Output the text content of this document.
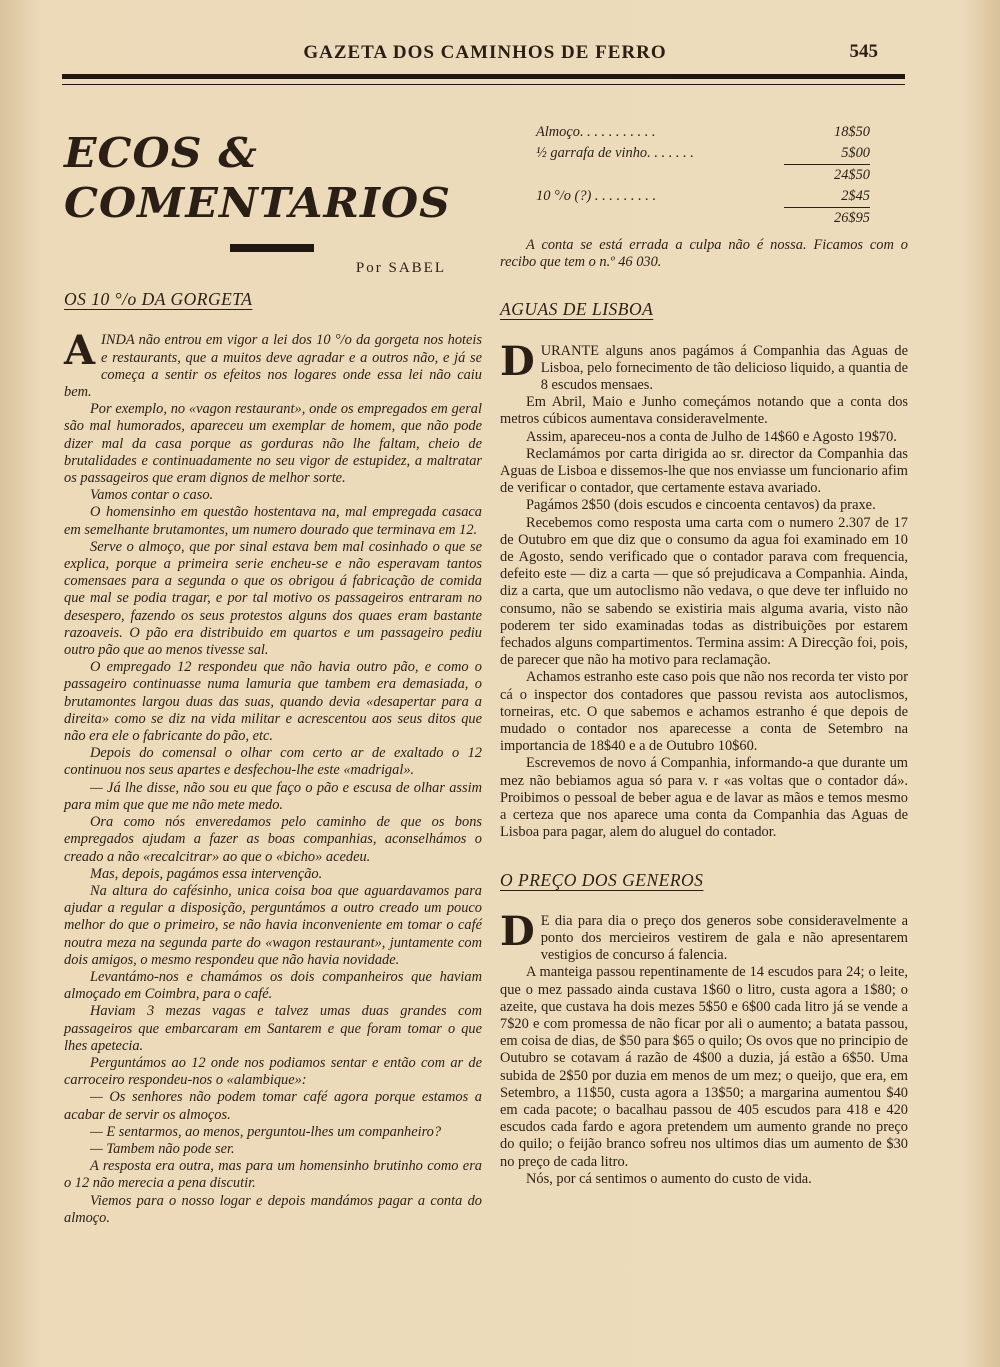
GAZETA DOS CAMINHOS DE FERRO	545
ECOS & COMENTARIOS
Por SABEL
OS 10 °/o DA GORGETA

AINDA não entrou em vigor a lei dos 10 °/o da gorgeta nos hoteis e restaurants, que a muitos deve agradar e a outros não, e já se começa a sentir os efeitos nos logares onde essa lei não caiu bem.

Por exemplo, no «vagon restaurant», onde os empregados em geral são mal humorados, apareceu um exemplar de homem, que não pode dizer mal da casa porque as gorduras não lhe faltam, cheio de brutalidades e continuadamente no seu vigor de estupidez, a maltratar os passageiros que eram dignos de melhor sorte.

Vamos contar o caso.

O homensinho em questão hostentava na, mal empregada casaca em semelhante brutamontes, um numero dourado que terminava em 12.

Serve o almoço, que por sinal estava bem mal cosinhado o que se explica, porque a primeira serie encheu-se e não esperavam tantos comensaes para a segunda o que os obrigou á fabricação de comida que mal se podia tragar, e por tal motivo os passageiros entraram no desespero, fazendo os seus protestos alguns dos quaes eram bastante razoaveis. O pão era distribuido em quartos e um passageiro pediu outro pão que ao menos tivesse sal.

O empregado 12 respondeu que não havia outro pão, e como o passageiro continuasse numa lamuria que tambem era demasiada, o brutamontes largou duas das suas, quando devia «desapertar para a direita» como se diz na vida militar e acrescentou aos seus ditos que não era ele o fabricante do pão, etc.

Depois do comensal o olhar com certo ar de exaltado o 12 continuou nos seus apartes e desfechou-lhe este «madrigal».

— Já lhe disse, não sou eu que faço o pão e escusa de olhar assim para mim que que me não mete medo.

Ora como nós enveredamos pelo caminho de que os bons empregados ajudam a fazer as boas companhias, aconselhámos o creado a não «recalcitrar» ao que o «bicho» acedeu.

Mas, depois, pagámos essa intervenção.

Na altura do cafésinho, unica coisa boa que aguardavamos para ajudar a regular a disposição, perguntámos a outro creado um pouco melhor do que o primeiro, se não havia inconveniente em tomar o café noutra meza na segunda parte do «wagon restaurant», juntamente com dois amigos, o mesmo respondeu que não havia novidade.

Levantámo-nos e chamámos os dois companheiros que haviam almoçado em Coimbra, para o café.

Haviam 3 mezas vagas e talvez umas duas grandes com passageiros que embarcaram em Santarem e que foram tomar o que lhes apetecia.

Perguntámos ao 12 onde nos podiamos sentar e então com ar de carroceiro respondeu-nos o «alambique»:

— Os senhores não podem tomar café agora porque estamos a acabar de servir os almoços.

— E sentarmos, ao menos, perguntou-lhes um companheiro?

— Tambem não pode ser.

A resposta era outra, mas para um homensinho brutinho como era o 12 não merecia a pena discutir.

Viemos para o nosso logar e depois mandámos pagar a conta do almoço.

Almoço. . . . . . . . . . .	18$50
½ garrafa de vinho. . . . . . .	5$00
24$50
10 °/o (?) . . . . . . . . .	2$45
26$95

A conta se está errada a culpa não é nossa. Ficamos com o recibo que tem o n.º 46 030.

AGUAS DE LISBOA

DURANTE alguns anos pagámos á Companhia das Aguas de Lisboa, pelo fornecimento de tão delicioso liquido, a quantia de 8 escudos mensaes.

Em Abril, Maio e Junho começámos notando que a conta dos metros cúbicos aumentava consideravelmente.

Assim, apareceu-nos a conta de Julho de 14$60 e Agosto 19$70.

Reclamámos por carta dirigida ao sr. director da Companhia das Aguas de Lisboa e dissemos-lhe que nos enviasse um funcionario afim de verificar o contador, que certamente estava avariado.

Pagámos 2$50 (dois escudos e cincoenta centavos) da praxe.

Recebemos como resposta uma carta com o numero 2.307 de 17 de Outubro em que diz que o consumo da agua foi examinado em 10 de Agosto, sendo verificado que o contador parava com frequencia, defeito este — diz a carta — que só prejudicava a Companhia. Ainda, diz a carta, que um autoclismo não vedava, o que deve ter influido no consumo, não se sabendo se existiria mais alguma avaria, visto não poderem ter sido examinadas todas as distribuições por estarem fechados alguns compartimentos. Termina assim: A Direcção foi, pois, de parecer que não ha motivo para reclamação.

Achamos estranho este caso pois que não nos recorda ter visto por cá o inspector dos contadores que passou revista aos autoclismos, torneiras, etc. O que sabemos e achamos estranho é que depois de mudado o contador nos aparecesse a conta de Setembro na importancia de 18$40 e a de Outubro 10$60.

Escrevemos de novo á Companhia, informando-a que durante um mez não bebiamos agua só para v. r «as voltas que o contador dá». Proibimos o pessoal de beber agua e de lavar as mãos e temos mesmo a certeza que nos aparece uma conta da Companhia das Aguas de Lisboa para pagar, alem do aluguel do contador.

O PREÇO DOS GENEROS

D E dia para dia o preço dos generos sobe consideravelmente a ponto dos mercieiros vestirem de gala e não apresentarem vestigios de concurso á falencia.

A manteiga passou repentinamente de 14 escudos para 24; o leite, que o mez passado ainda custava 1$60 o litro, custa agora a 1$80; o azeite, que custava ha dois mezes 5$50 e 6$00 cada litro já se vende a 7$20 e com promessa de não ficar por ali o aumento; a batata passou, em coisa de dias, de $50 para $65 o quilo; Os ovos que no principio de Outubro se cotavam á razão de 4$00 a duzia, já estão a 6$50. Uma subida de 2$50 por duzia em menos de um mez; o queijo, que era, em Setembro, a 11$50, custa agora a 13$50; a margarina aumentou $40 em cada pacote; o bacalhau passou de 405 escudos para 418 e 420 escudos cada fardo e agora pretendem um aumento grande no preço do quilo; o feijão branco sofreu nos ultimos dias um aumento de $30 no preço de cada litro.

Nós, por cá sentimos o aumento do custo de vida.
